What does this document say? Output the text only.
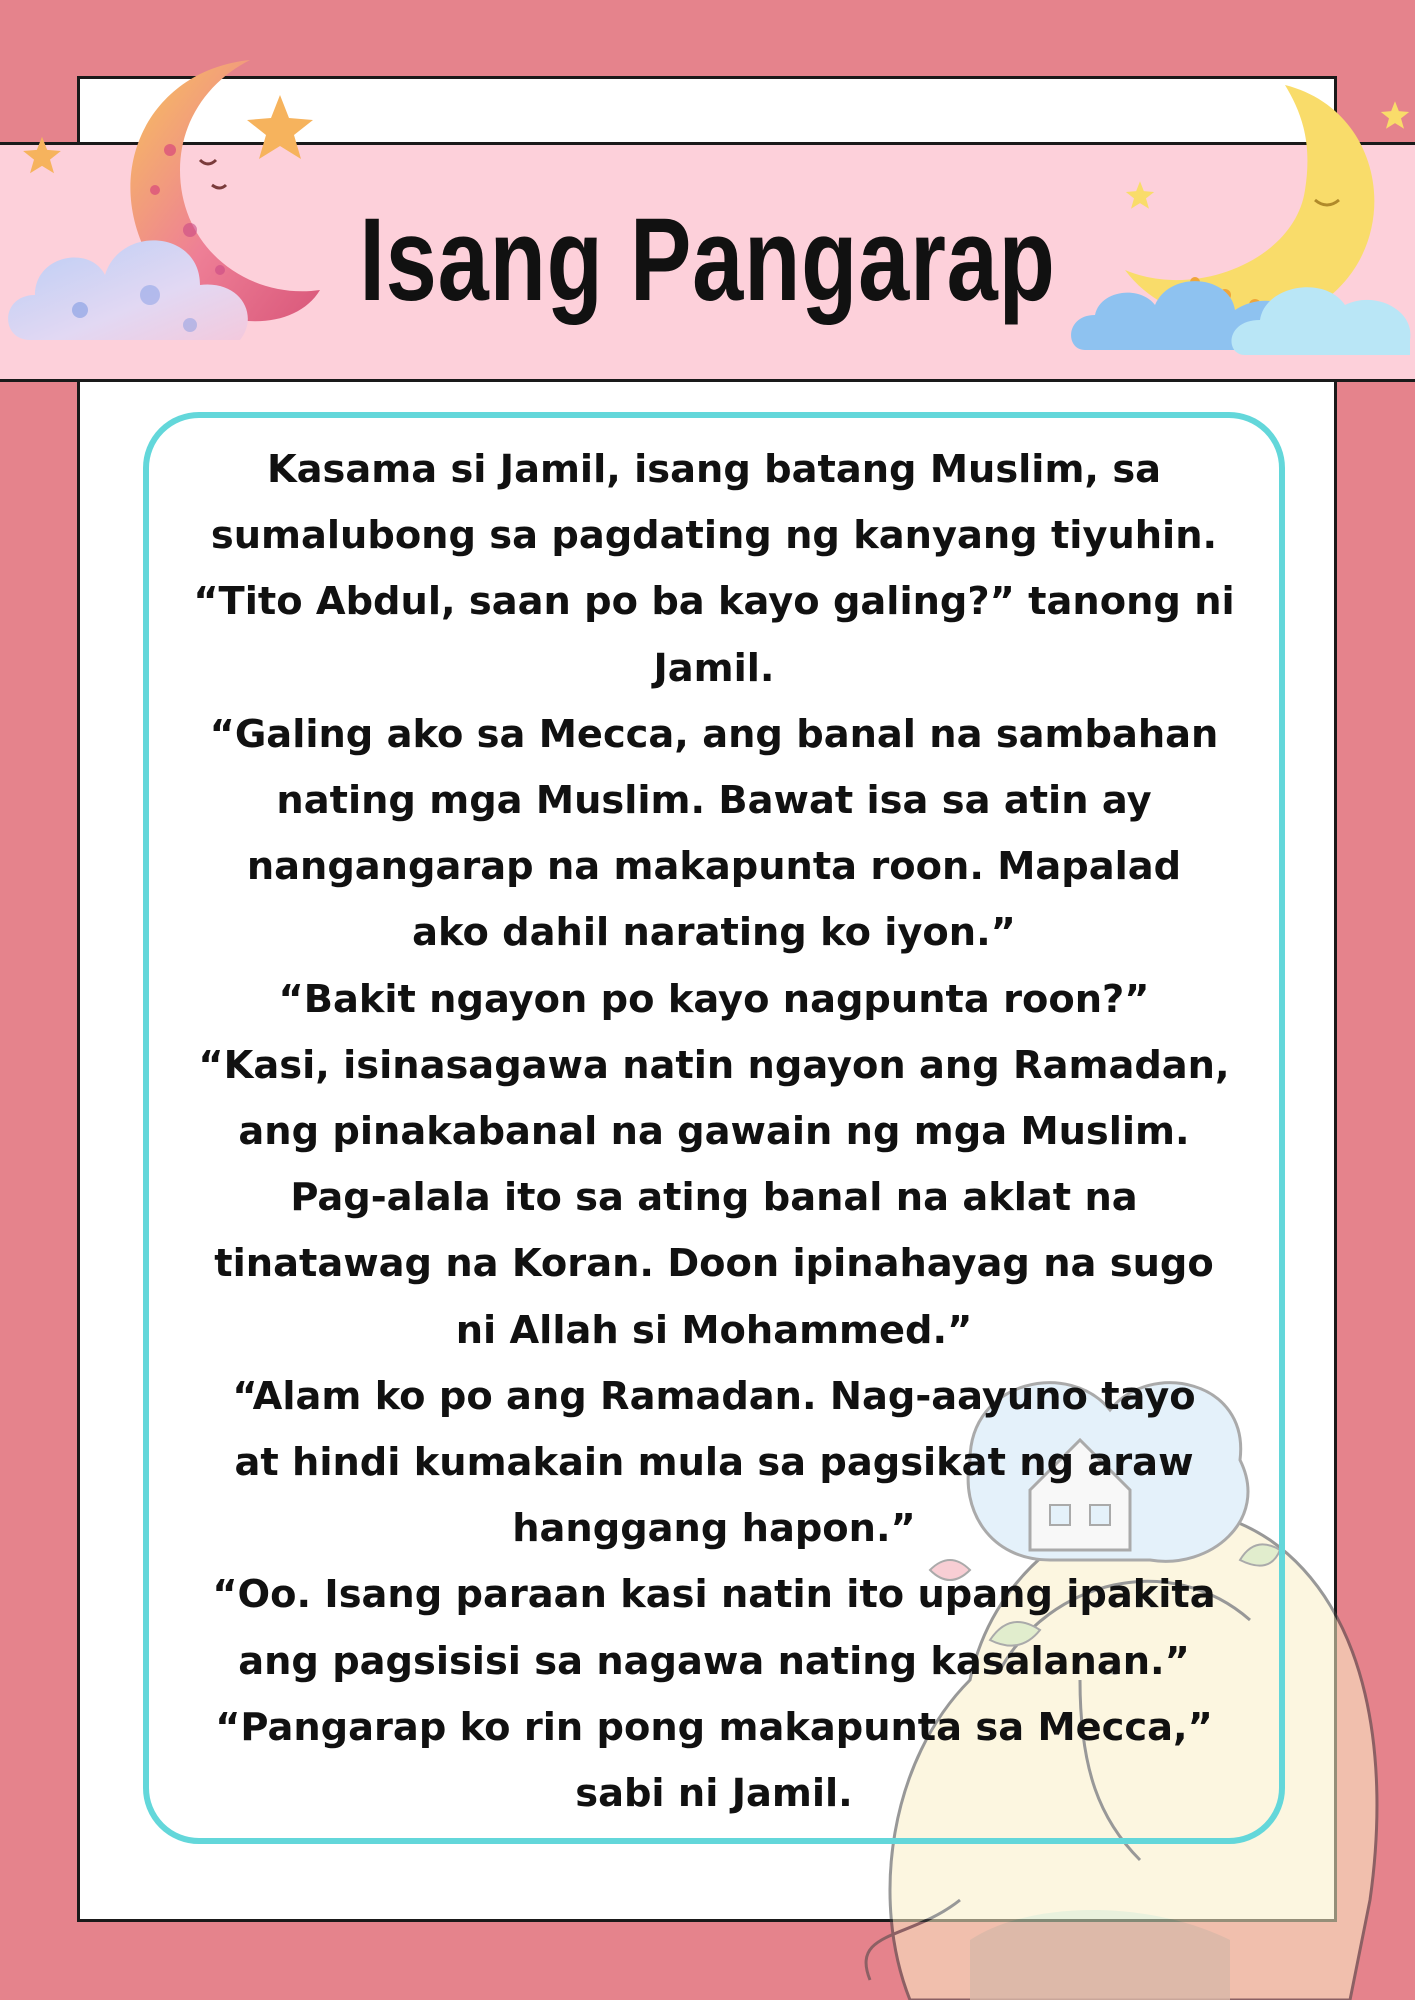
Isang Pangarap
Kasama si Jamil, isang batang Muslim, sa
sumalubong sa pagdating ng kanyang tiyuhin.
“Tito Abdul, saan po ba kayo galing?” tanong ni
Jamil.
“Galing ako sa Mecca, ang banal na sambahan
nating mga Muslim. Bawat isa sa atin ay
nangangarap na makapunta roon. Mapalad
ako dahil narating ko iyon.”
“Bakit ngayon po kayo nagpunta roon?”
“Kasi, isinasagawa natin ngayon ang Ramadan,
ang pinakabanal na gawain ng mga Muslim.
Pag-alala ito sa ating banal na aklat na
tinatawag na Koran. Doon ipinahayag na sugo
ni Allah si Mohammed.”
“Alam ko po ang Ramadan. Nag-aayuno tayo
at hindi kumakain mula sa pagsikat ng araw
hanggang hapon.”
“Oo. Isang paraan kasi natin ito upang ipakita
ang pagsisisi sa nagawa nating kasalanan.”
“Pangarap ko rin pong makapunta sa Mecca,”
sabi ni Jamil.
